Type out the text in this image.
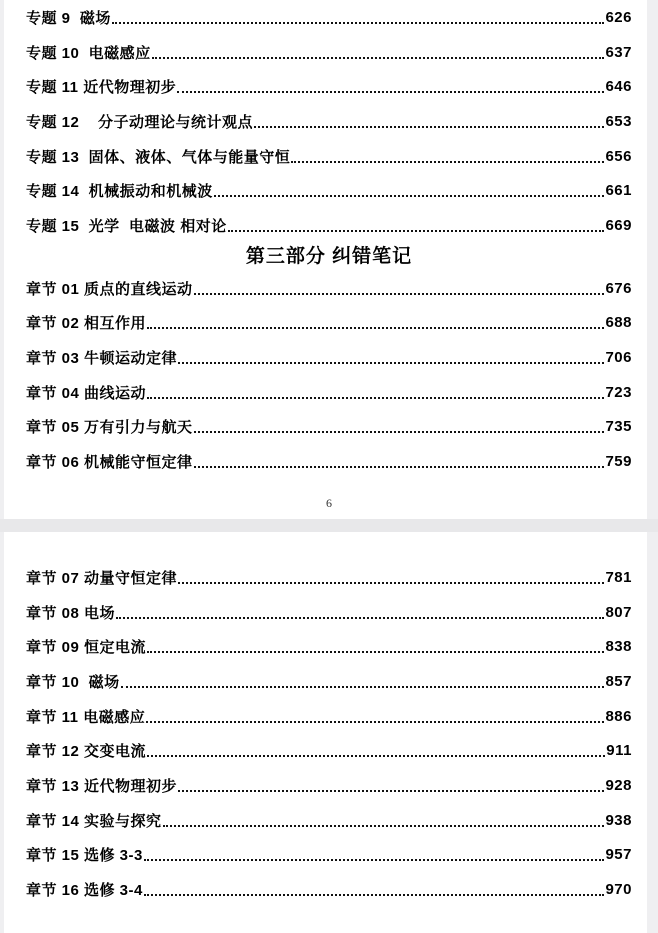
专题 9  磁场	626
专题 10  电磁感应	637
专题 11 近代物理初步	646
专题 12    分子动理论与统计观点	653
专题 13  固体、液体、气体与能量守恒	656
专题 14  机械振动和机械波	661
专题 15  光学  电磁波 相对论	669
第三部分 纠错笔记
章节 01 质点的直线运动	676
章节 02 相互作用	688
章节 03 牛顿运动定律	706
章节 04 曲线运动	723
章节 05 万有引力与航天	735
章节 06 机械能守恒定律	759
6
章节 07 动量守恒定律	781
章节 08 电场	807
章节 09 恒定电流	838
章节 10  磁场	857
章节 11 电磁感应	886
章节 12 交变电流	911
章节 13 近代物理初步	928
章节 14 实验与探究	938
章节 15 选修 3-3	957
章节 16 选修 3-4	970
